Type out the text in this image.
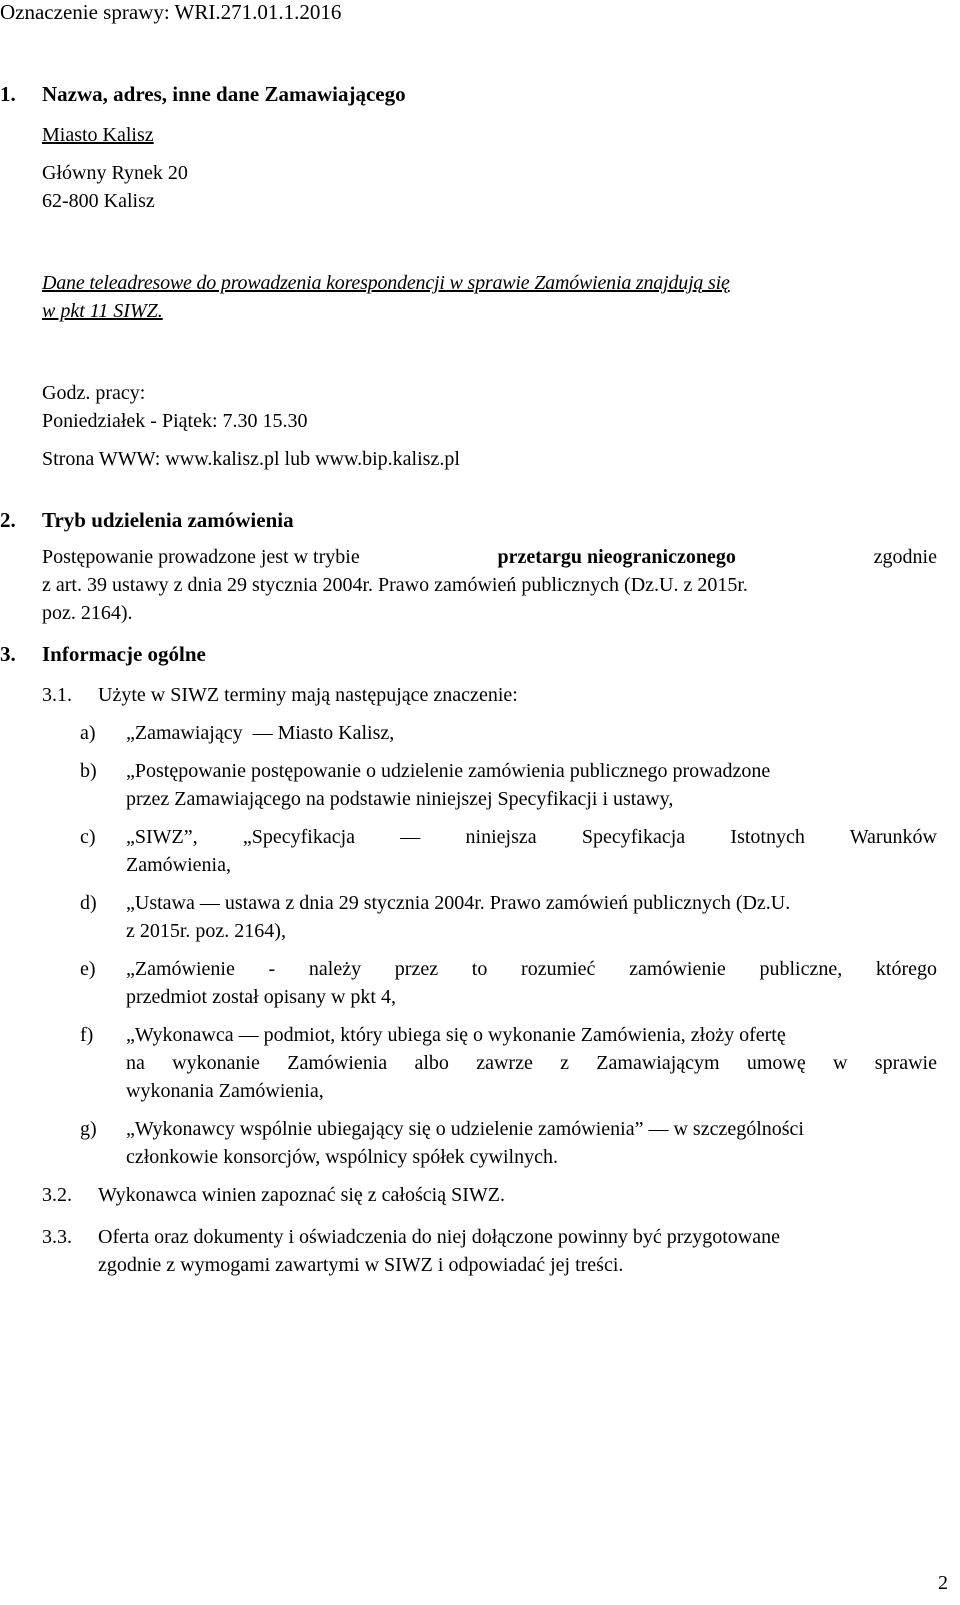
Oznaczenie sprawy: WRI.271.01.1.2016
1. Nazwa, adres, inne dane Zamawiającego
Miasto Kalisz
Główny Rynek 20
62-800 Kalisz
Dane teleadresowe do prowadzenia korespondencji w sprawie Zamówienia znajdują się
w pkt 11 SIWZ.
Godz. pracy:
Poniedziałek - Piątek: 7.30 15.30
Strona WWW: www.kalisz.pl lub www.bip.kalisz.pl
2. Tryb udzielenia zamówienia
Postępowanie prowadzone jest w trybie	przetargu nieograniczonego	zgodnie
z art. 39 ustawy z dnia 29 stycznia 2004r. Prawo zamówień publicznych (Dz.U. z 2015r.
poz. 2164).
3. Informacje ogólne
3.1. Użyte w SIWZ terminy mają następujące znaczenie:
a) „Zamawiający — Miasto Kalisz,
b) „Postępowanie postępowanie o udzielenie zamówienia publicznego prowadzone
przez Zamawiającego na podstawie niniejszej Specyfikacji i ustawy,
c) „SIWZ”, „Specyfikacja — niniejsza Specyfikacja Istotnych Warunków
Zamówienia,
d) „Ustawa — ustawa z dnia 29 stycznia 2004r. Prawo zamówień publicznych (Dz.U.
z 2015r. poz. 2164),
e) „Zamówienie - należy przez to rozumieć zamówienie publiczne, którego
przedmiot został opisany w pkt 4,
f) „Wykonawca — podmiot, który ubiega się o wykonanie Zamówienia, złoży ofertę
na wykonanie Zamówienia albo zawrze z Zamawiającym umowę w sprawie
wykonania Zamówienia,
g) „Wykonawcy wspólnie ubiegający się o udzielenie zamówienia” — w szczególności
członkowie konsorcjów, wspólnicy spółek cywilnych.
3.2. Wykonawca winien zapoznać się z całością SIWZ.
3.3. Oferta oraz dokumenty i oświadczenia do niej dołączone powinny być przygotowane
zgodnie z wymogami zawartymi w SIWZ i odpowiadać jej treści.
2
